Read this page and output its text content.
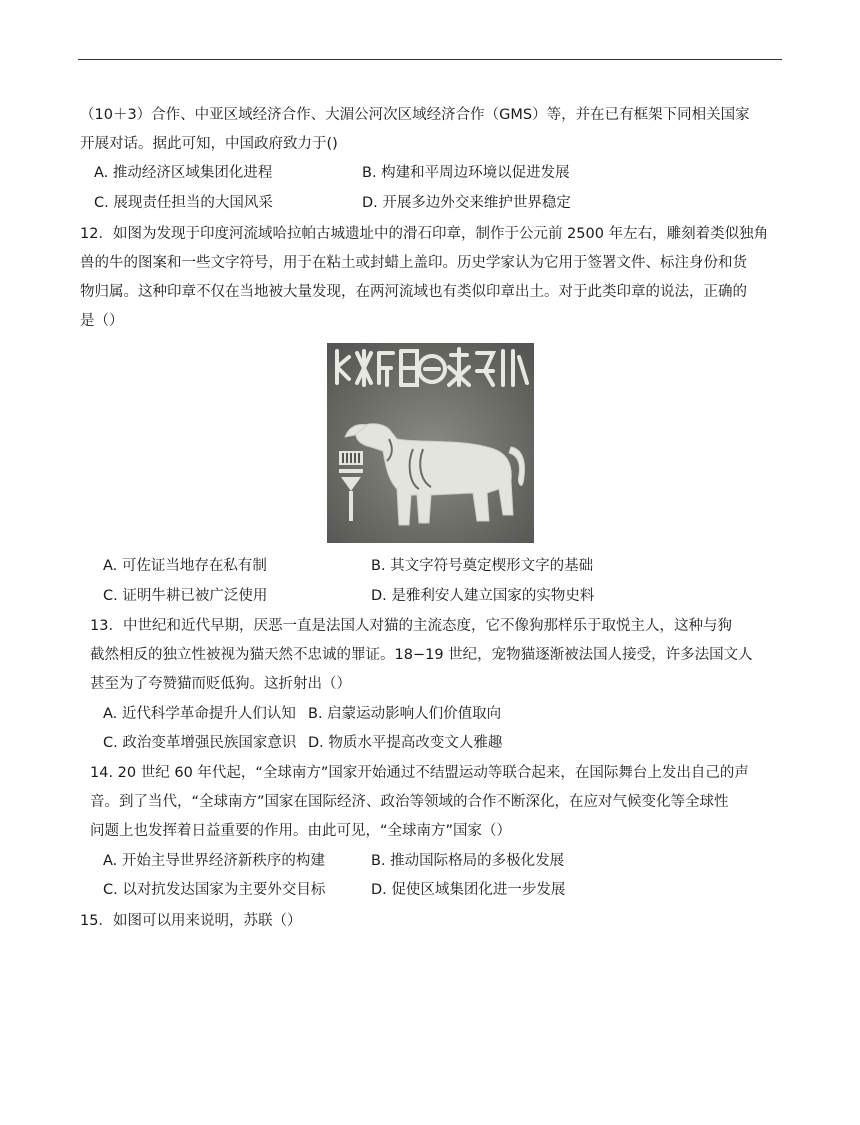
（10＋3）合作、中亚区域经济合作、大湄公河次区域经济合作（GMS）等，并在已有框架下同相关国家
开展对话。据此可知，中国政府致力于()
A. 推动经济区域集团化进程	B. 构建和平周边环境以促进发展
C. 展现责任担当的大国风采	D. 开展多边外交来维护世界稳定
12．如图为发现于印度河流域哈拉帕古城遗址中的滑石印章，制作于公元前 2500 年左右，雕刻着类似独角
兽的牛的图案和一些文字符号，用于在粘土或封蜡上盖印。历史学家认为它用于签署文件、标注身份和货
物归属。这种印章不仅在当地被大量发现，在两河流域也有类似印章出土。对于此类印章的说法，正确的
是（）
A. 可佐证当地存在私有制	B. 其文字符号奠定楔形文字的基础
C. 证明牛耕已被广泛使用	D. 是雅利安人建立国家的实物史料
13．中世纪和近代早期，厌恶一直是法国人对猫的主流态度，它不像狗那样乐于取悦主人，这种与狗
截然相反的独立性被视为猫天然不忠诚的罪证。18−19 世纪，宠物猫逐渐被法国人接受，许多法国文人
甚至为了夸赞猫而贬低狗。这折射出（）
A. 近代科学革命提升人们认知 B. 启蒙运动影响人们价值取向
C. 政治变革增强民族国家意识 D. 物质水平提高改变文人雅趣
14. 20 世纪 60 年代起，“全球南方”国家开始通过不结盟运动等联合起来，在国际舞台上发出自己的声
音。到了当代，“全球南方”国家在国际经济、政治等领域的合作不断深化，在应对气候变化等全球性
问题上也发挥着日益重要的作用。由此可见，“全球南方”国家（）
A. 开始主导世界经济新秩序的构建	B. 推动国际格局的多极化发展
C. 以对抗发达国家为主要外交目标	D. 促使区域集团化进一步发展
15．如图可以用来说明，苏联（）
